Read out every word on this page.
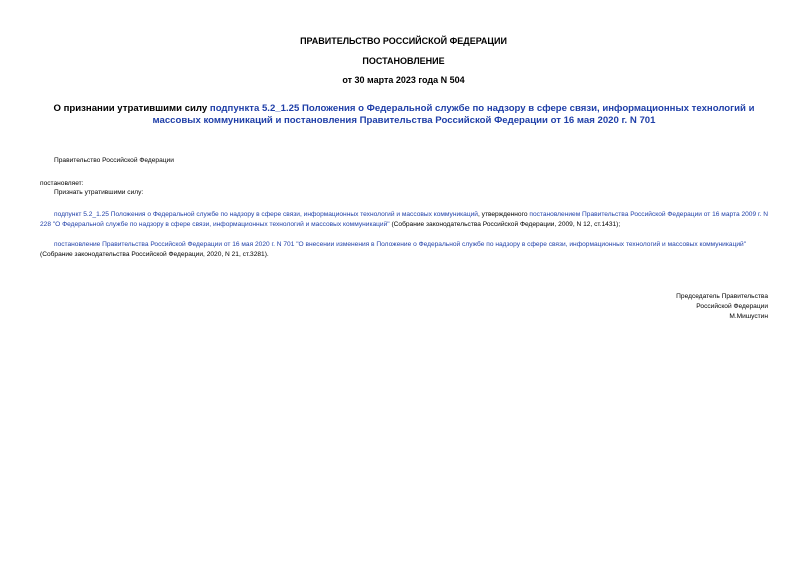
ПРАВИТЕЛЬСТВО РОССИЙСКОЙ ФЕДЕРАЦИИ
ПОСТАНОВЛЕНИЕ
от 30 марта 2023 года N 504
О признании утратившими силу подпункта 5.2_1.25 Положения о Федеральной службе по надзору в сфере связи, информационных технологий и массовых коммуникаций и постановления Правительства Российской Федерации от 16 мая 2020 г. N 701
Правительство Российской Федерации
постановляет:
Признать утратившими силу:
подпункт 5.2_1.25 Положения о Федеральной службе по надзору в сфере связи, информационных технологий и массовых коммуникаций, утвержденного постановлением Правительства Российской Федерации от 16 марта 2009 г. N 228 "О Федеральной службе по надзору в сфере связи, информационных технологий и массовых коммуникаций" (Собрание законодательства Российской Федерации, 2009, N 12, ст.1431);
постановление Правительства Российской Федерации от 16 мая 2020 г. N 701 "О внесении изменения в Положение о Федеральной службе по надзору в сфере связи, информационных технологий и массовых коммуникаций" (Собрание законодательства Российской Федерации, 2020, N 21, ст.3281).
Председатель Правительства
Российской Федерации
М.Мишустин
